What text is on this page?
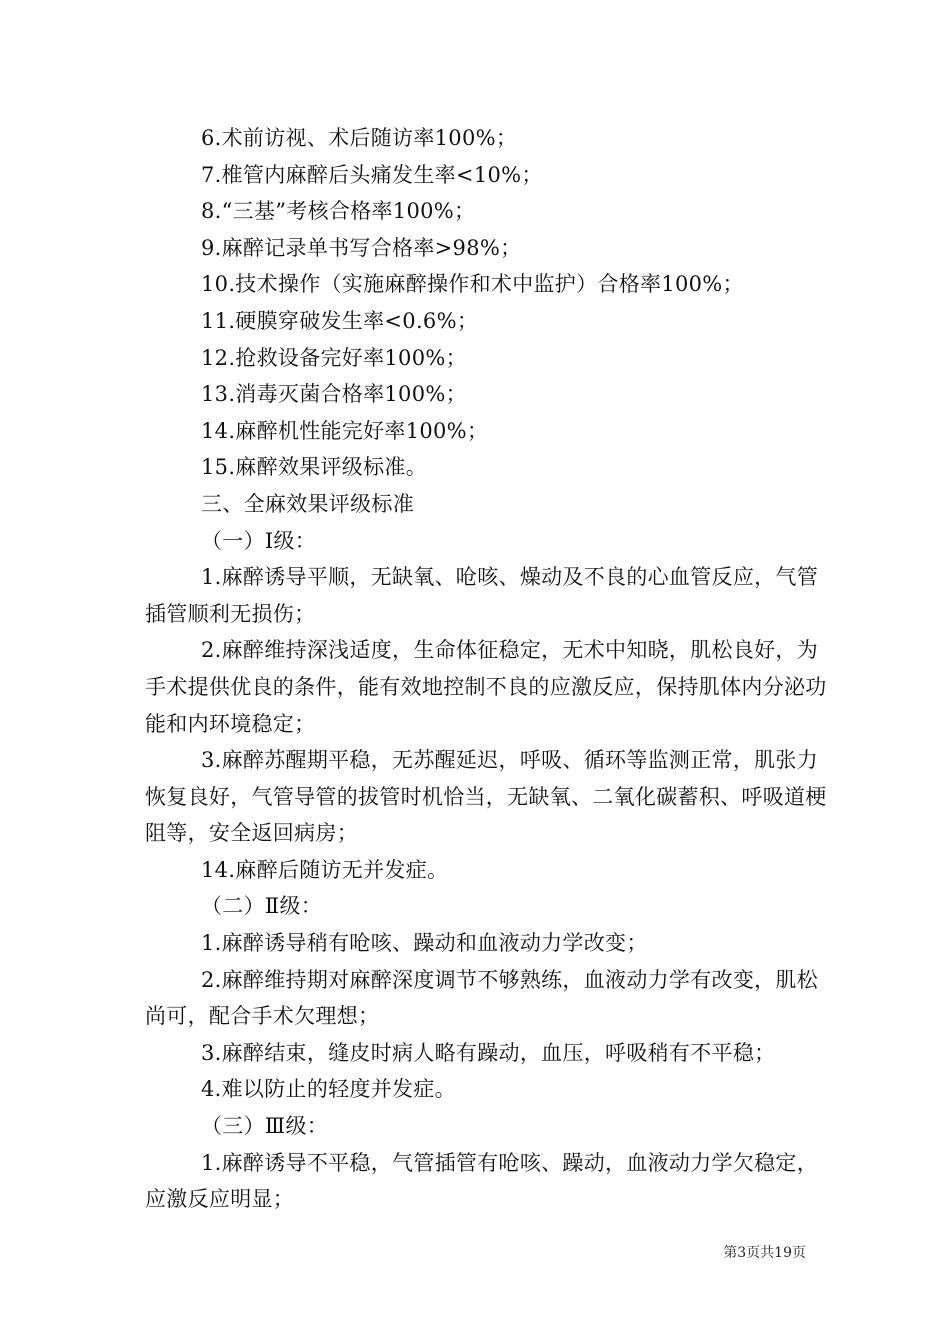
6.术前访视、术后随访率100%；

7.椎管内麻醉后头痛发生率<10%；

8.“三基”考核合格率100%；

9.麻醉记录单书写合格率>98%；

10.技术操作（实施麻醉操作和术中监护）合格率100%；

11.硬膜穿破发生率<0.6%；

12.抢救设备完好率100%；

13.消毒灭菌合格率100%；

14.麻醉机性能完好率100%；

15.麻醉效果评级标准。

三、全麻效果评级标准

（一）Ⅰ级：

1.麻醉诱导平顺，无缺氧、呛咳、燥动及不良的心血管反应，气管插管顺利无损伤；

2.麻醉维持深浅适度，生命体征稳定，无术中知晓，肌松良好，为手术提供优良的条件，能有效地控制不良的应激反应，保持肌体内分泌功能和内环境稳定；

3.麻醉苏醒期平稳，无苏醒延迟，呼吸、循环等监测正常，肌张力恢复良好，气管导管的拔管时机恰当，无缺氧、二氧化碳蓄积、呼吸道梗阻等，安全返回病房；

14.麻醉后随访无并发症。

（二）Ⅱ级：

1.麻醉诱导稍有呛咳、躁动和血液动力学改变；

2.麻醉维持期对麻醉深度调节不够熟练，血液动力学有改变，肌松尚可，配合手术欠理想；

3.麻醉结束，缝皮时病人略有躁动，血压，呼吸稍有不平稳；

4.难以防止的轻度并发症。

（三）Ⅲ级：

1.麻醉诱导不平稳，气管插管有呛咳、躁动，血液动力学欠稳定，应激反应明显；

第3页共19页
